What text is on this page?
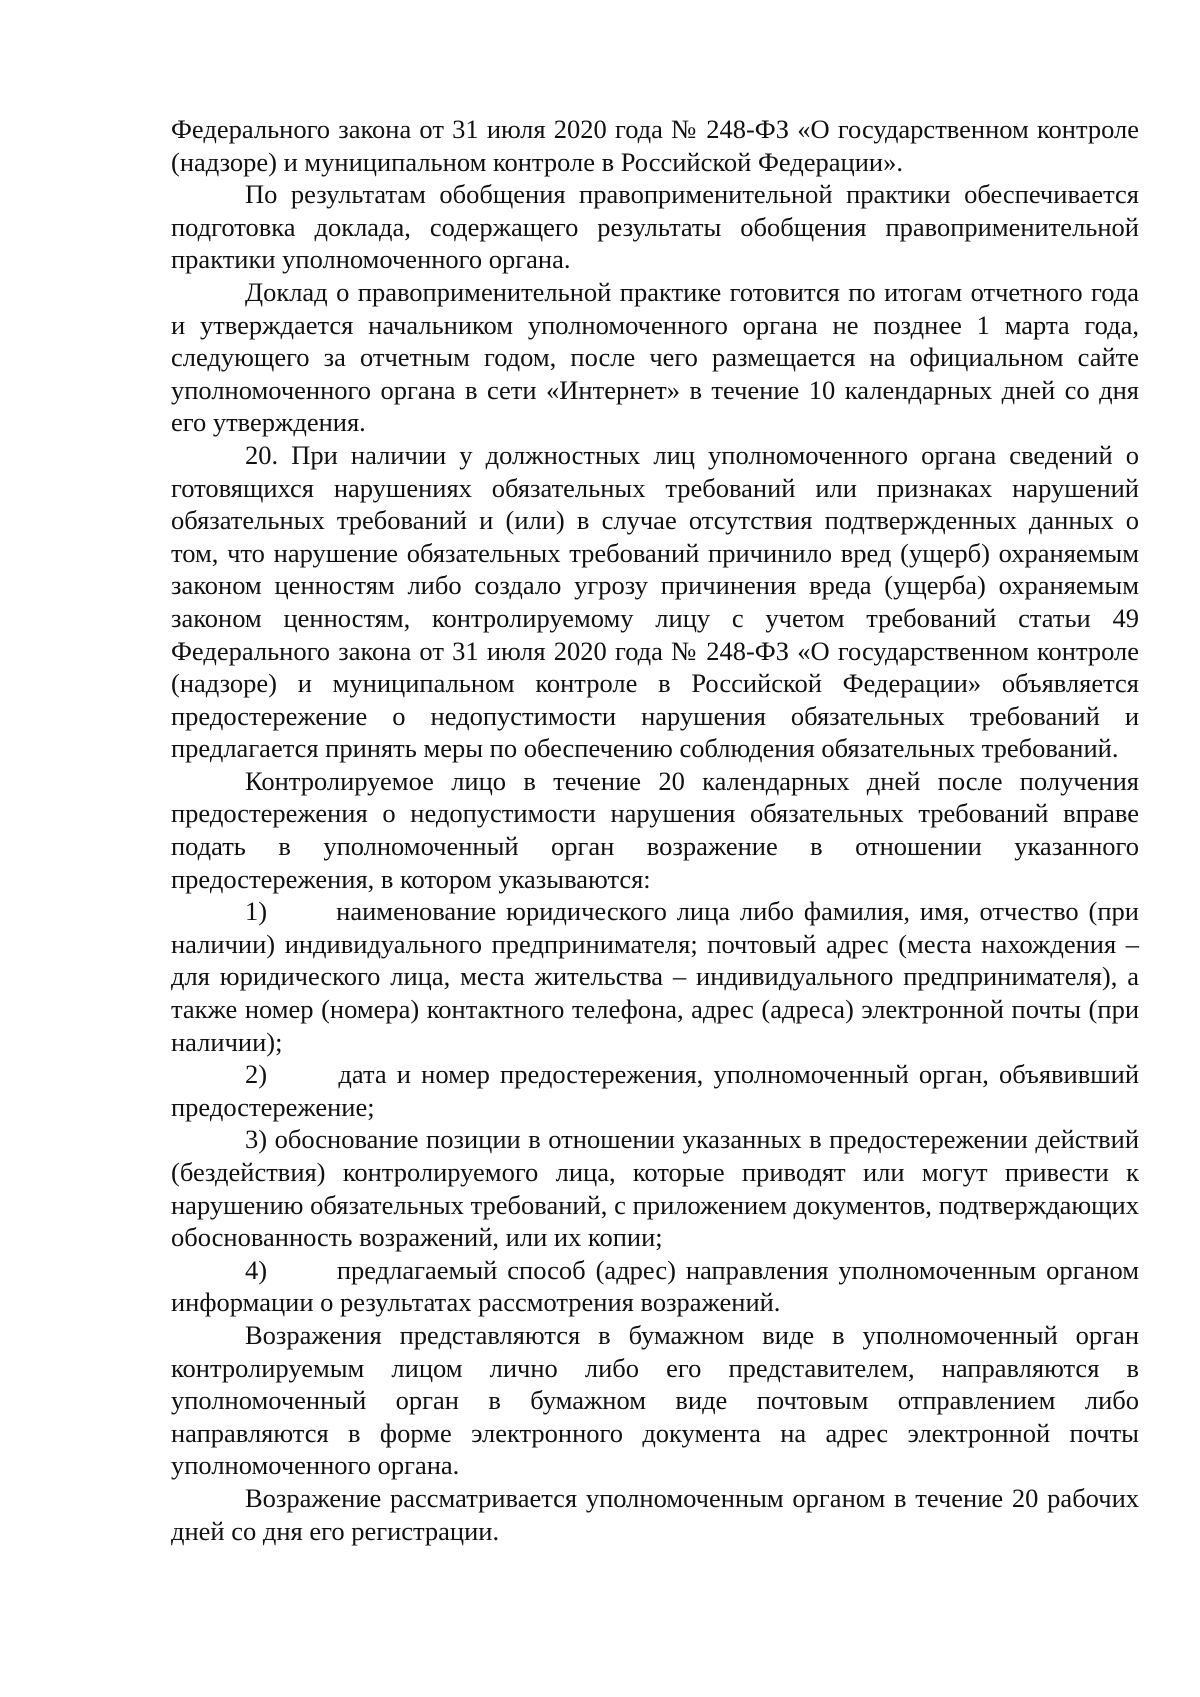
Федерального закона от 31 июля 2020 года № 248-ФЗ «О государственном контроле (надзоре) и муниципальном контроле в Российской Федерации».

По результатам обобщения правоприменительной практики обеспечивается подготовка доклада, содержащего результаты обобщения правоприменительной практики уполномоченного органа.

Доклад о правоприменительной практике готовится по итогам отчетного года и утверждается начальником уполномоченного органа не позднее 1 марта года, следующего за отчетным годом, после чего размещается на официальном сайте уполномоченного органа в сети «Интернет» в течение 10 календарных дней со дня его утверждения.

20. При наличии у должностных лиц уполномоченного органа сведений о готовящихся нарушениях обязательных требований или признаках нарушений обязательных требований и (или) в случае отсутствия подтвержденных данных о том, что нарушение обязательных требований причинило вред (ущерб) охраняемым законом ценностям либо создало угрозу причинения вреда (ущерба) охраняемым законом ценностям, контролируемому лицу с учетом требований статьи 49 Федерального закона от 31 июля 2020 года № 248-ФЗ «О государственном контроле (надзоре) и муниципальном контроле в Российской Федерации» объявляется предостережение о недопустимости нарушения обязательных требований и предлагается принять меры по обеспечению соблюдения обязательных требований.

Контролируемое лицо в течение 20 календарных дней после получения предостережения о недопустимости нарушения обязательных требований вправе подать в уполномоченный орган возражение в отношении указанного предостережения, в котором указываются:

1)       наименование юридического лица либо фамилия, имя, отчество (при наличии) индивидуального предпринимателя; почтовый адрес (места нахождения – для юридического лица, места жительства – индивидуального предпринимателя), а также номер (номера) контактного телефона, адрес (адреса) электронной почты (при наличии);

2)       дата и номер предостережения, уполномоченный орган, объявивший предостережение;

3) обоснование позиции в отношении указанных в предостережении действий (бездействия) контролируемого лица, которые приводят или могут привести к нарушению обязательных требований, с приложением документов, подтверждающих обоснованность возражений, или их копии;

4)       предлагаемый способ (адрес) направления уполномоченным органом информации о результатах рассмотрения возражений.

Возражения представляются в бумажном виде в уполномоченный орган контролируемым лицом лично либо его представителем, направляются в уполномоченный орган в бумажном виде почтовым отправлением либо направляются в форме электронного документа на адрес электронной почты уполномоченного органа.

Возражение рассматривается уполномоченным органом в течение 20 рабочих дней со дня его регистрации.
